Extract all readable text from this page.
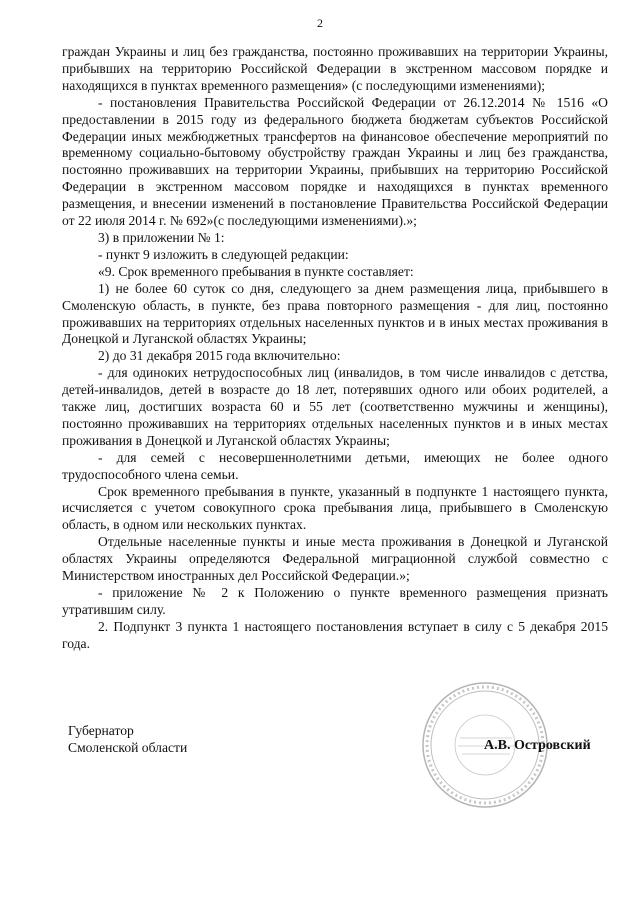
2

граждан Украины и лиц без гражданства, постоянно проживавших на территории Украины, прибывших на территорию Российской Федерации в экстренном массовом порядке и находящихся в пунктах временного размещения» (с последующими изменениями);

- постановления Правительства Российской Федерации от 26.12.2014 № 1516 «О предоставлении в 2015 году из федерального бюджета бюджетам субъектов Российской Федерации иных межбюджетных трансфертов на финансовое обеспечение мероприятий по временному социально-бытовому обустройству граждан Украины и лиц без гражданства, постоянно проживавших на территории Украины, прибывших на территорию Российской Федерации в экстренном массовом порядке и находящихся в пунктах временного размещения, и внесении изменений в постановление Правительства Российской Федерации от 22 июля 2014 г. № 692»(с последующими изменениями).»;

3) в приложении № 1:

- пункт 9 изложить в следующей редакции:

«9. Срок временного пребывания в пункте составляет:

1) не более 60 суток со дня, следующего за днем размещения лица, прибывшего в Смоленскую область, в пункте, без права повторного размещения - для лиц, постоянно проживавших на территориях отдельных населенных пунктов и в иных местах проживания в Донецкой и Луганской областях Украины;

2) до 31 декабря 2015 года включительно:

- для одиноких нетрудоспособных лиц (инвалидов, в том числе инвалидов с детства, детей-инвалидов, детей в возрасте до 18 лет, потерявших одного или обоих родителей, а также лиц, достигших возраста 60 и 55 лет (соответственно мужчины и женщины), постоянно проживавших на территориях отдельных населенных пунктов и в иных местах проживания в Донецкой и Луганской областях Украины;

- для семей с несовершеннолетними детьми, имеющих не более одного трудоспособного члена семьи.

Срок временного пребывания в пункте, указанный в подпункте 1 настоящего пункта, исчисляется с учетом совокупного срока пребывания лица, прибывшего в Смоленскую область, в одном или нескольких пунктах.

Отдельные населенные пункты и иные места проживания в Донецкой и Луганской областях Украины определяются Федеральной миграционной службой совместно с Министерством иностранных дел Российской Федерации.»;

- приложение № 2 к Положению о пункте временного размещения признать утратившим силу.

2. Подпункт 3 пункта 1 настоящего постановления вступает в силу с 5 декабря 2015 года.

Губернатор
Смоленской области	А.В. Островский
